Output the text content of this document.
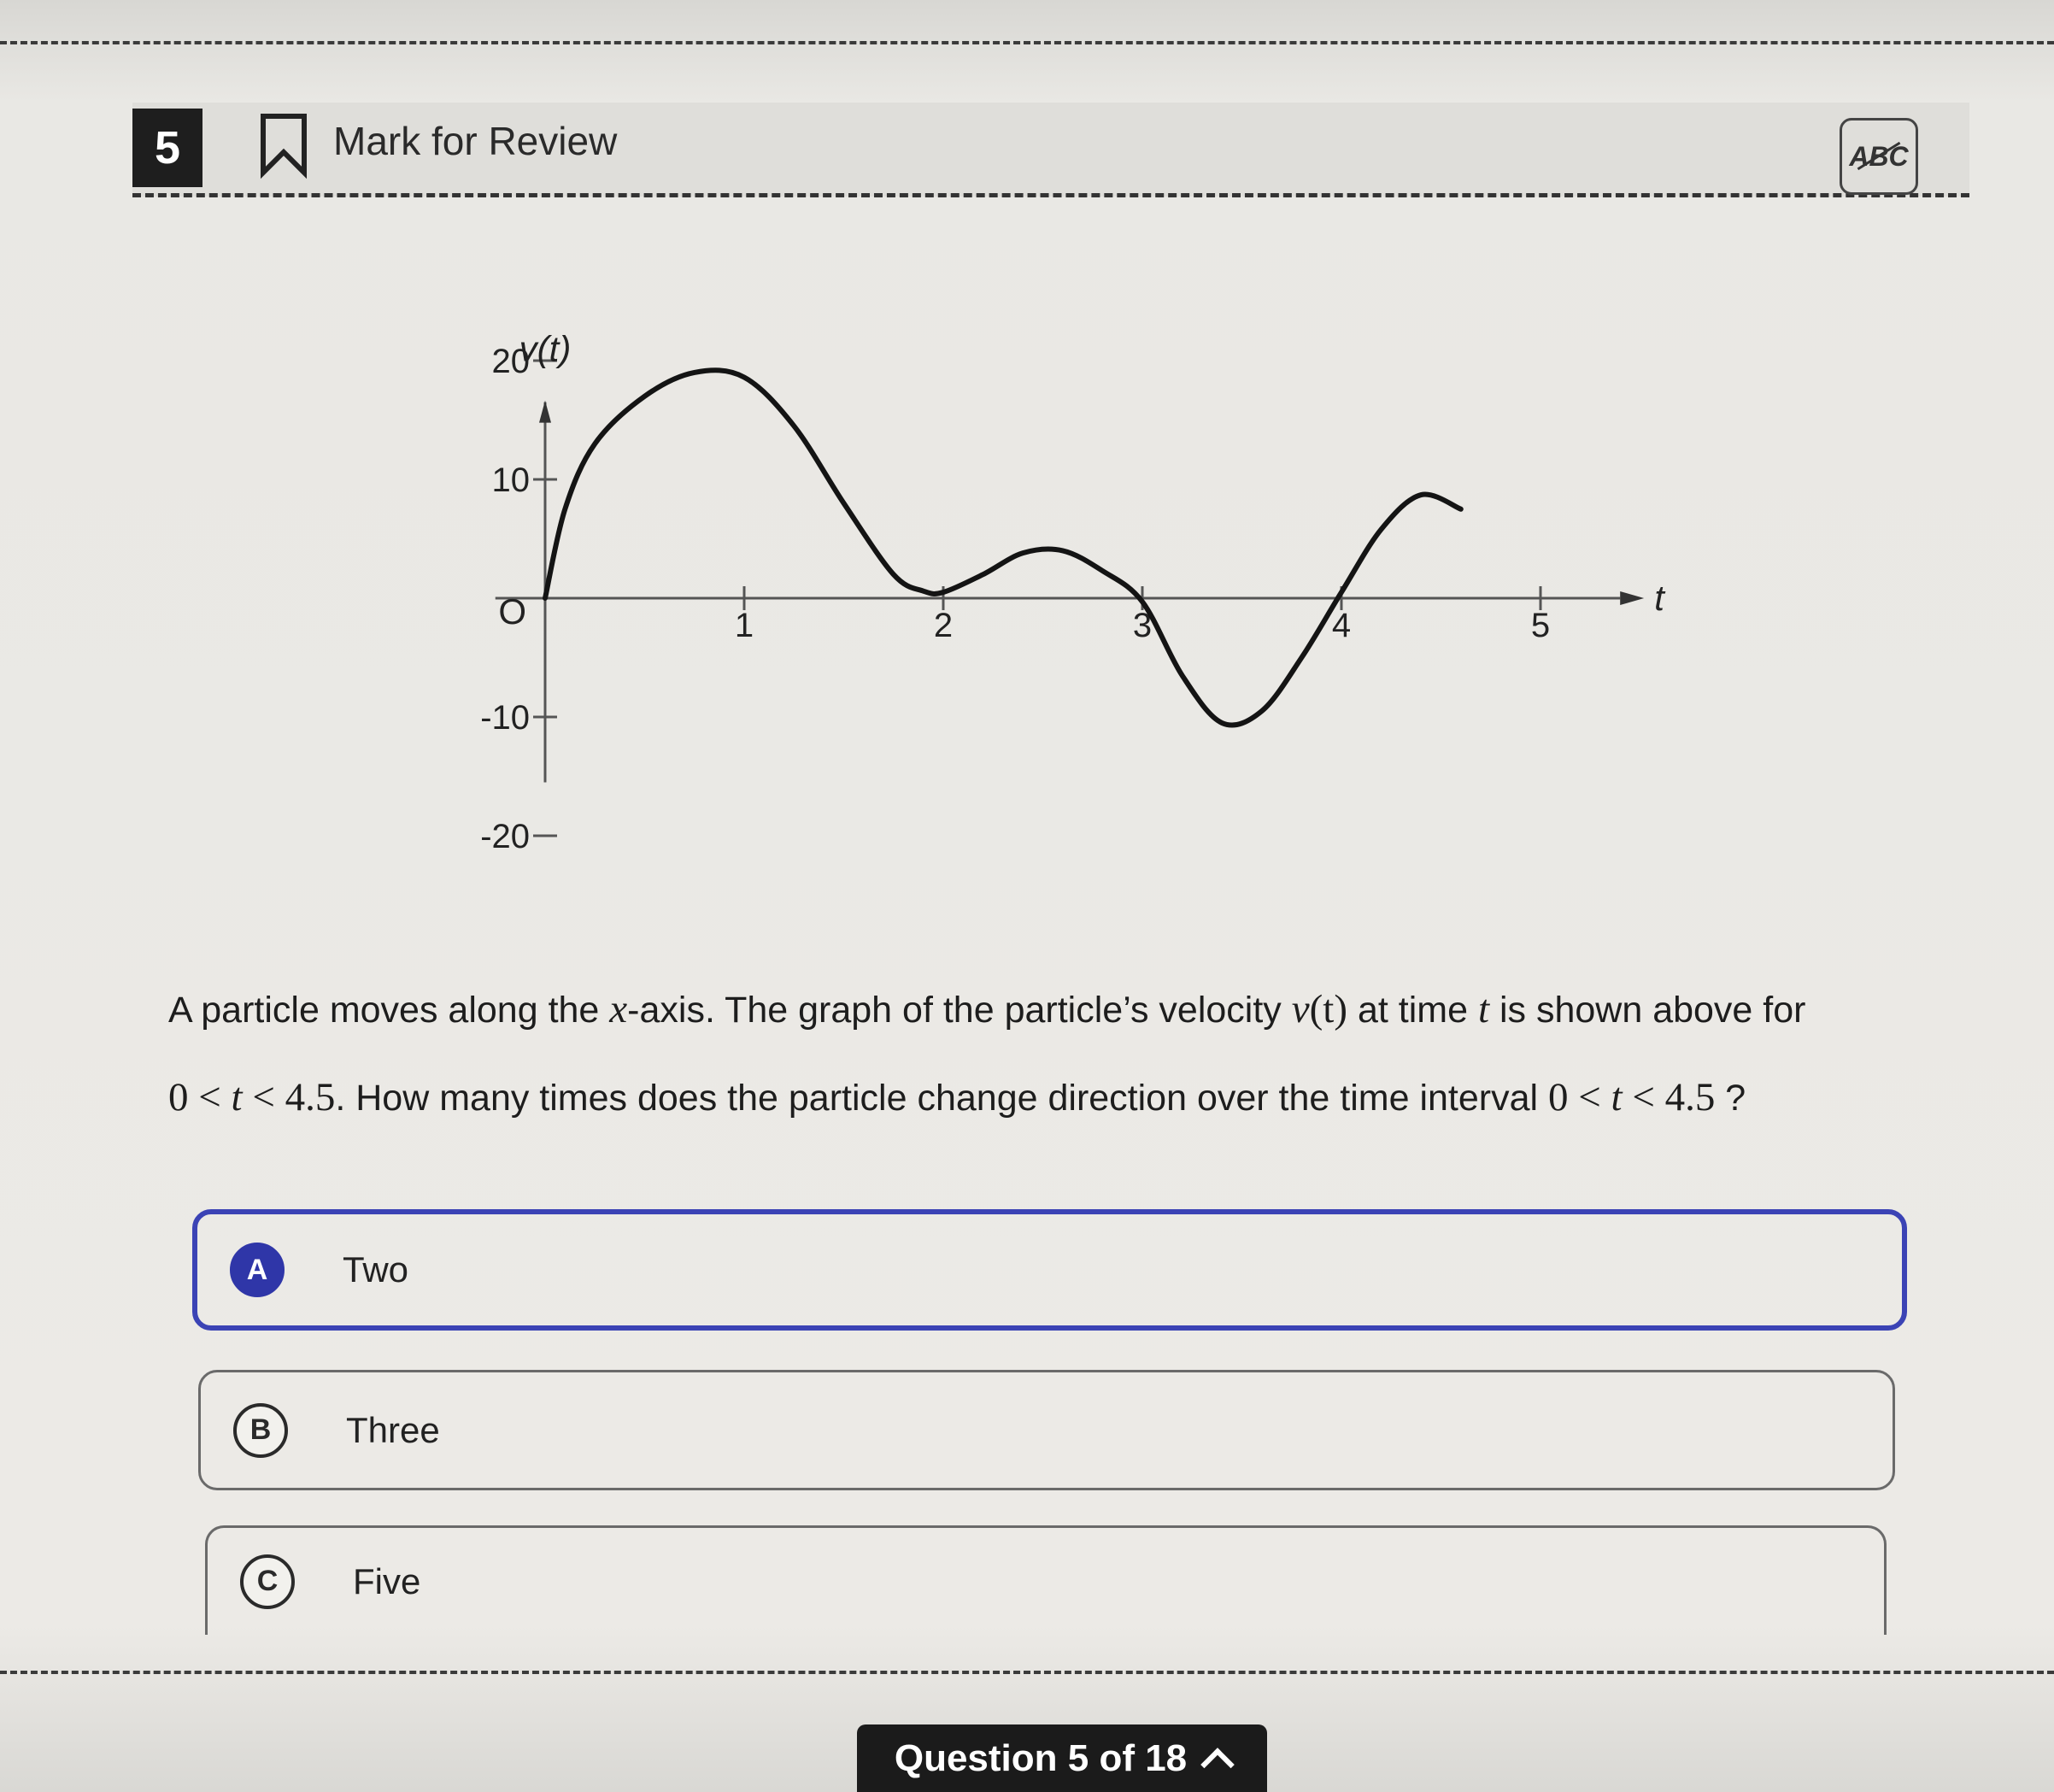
5	Mark for Review	ABC
1	2	3	4	5
20
10
-10
-20
O
v(t)
t
A particle moves along the x-axis. The graph of the particle’s velocity v(t) at time t is shown above for
0 < t < 4.5. How many times does the particle change direction over the time interval 0 < t < 4.5 ?
A	Two
B	Three
C	Five
Question 5 of 18
